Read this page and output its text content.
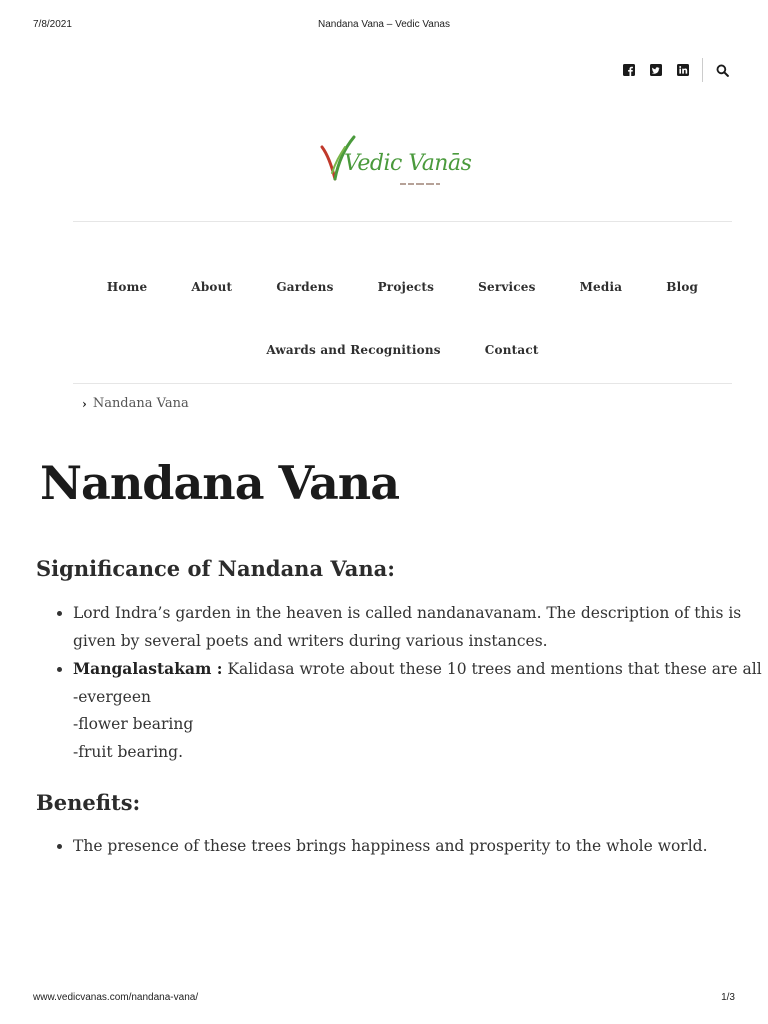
7/8/2021	Nandana Vana – Vedic Vanas
Vedic Vanās
Home	About	Gardens	Projects	Services	Media	Blog
Awards and Recognitions	Contact
› Nandana Vana
Nandana Vana
Significance of Nandana Vana:
• Lord Indra’s garden in the heaven is called nandanavanam. The description of this is given by several poets and writers during various instances.
• Mangalastakam : Kalidasa wrote about these 10 trees and mentions that these are all
-evergeen
-flower bearing
-fruit bearing.
Benefits:
• The presence of these trees brings happiness and prosperity to the whole world.
www.vedicvanas.com/nandana-vana/	1/3
